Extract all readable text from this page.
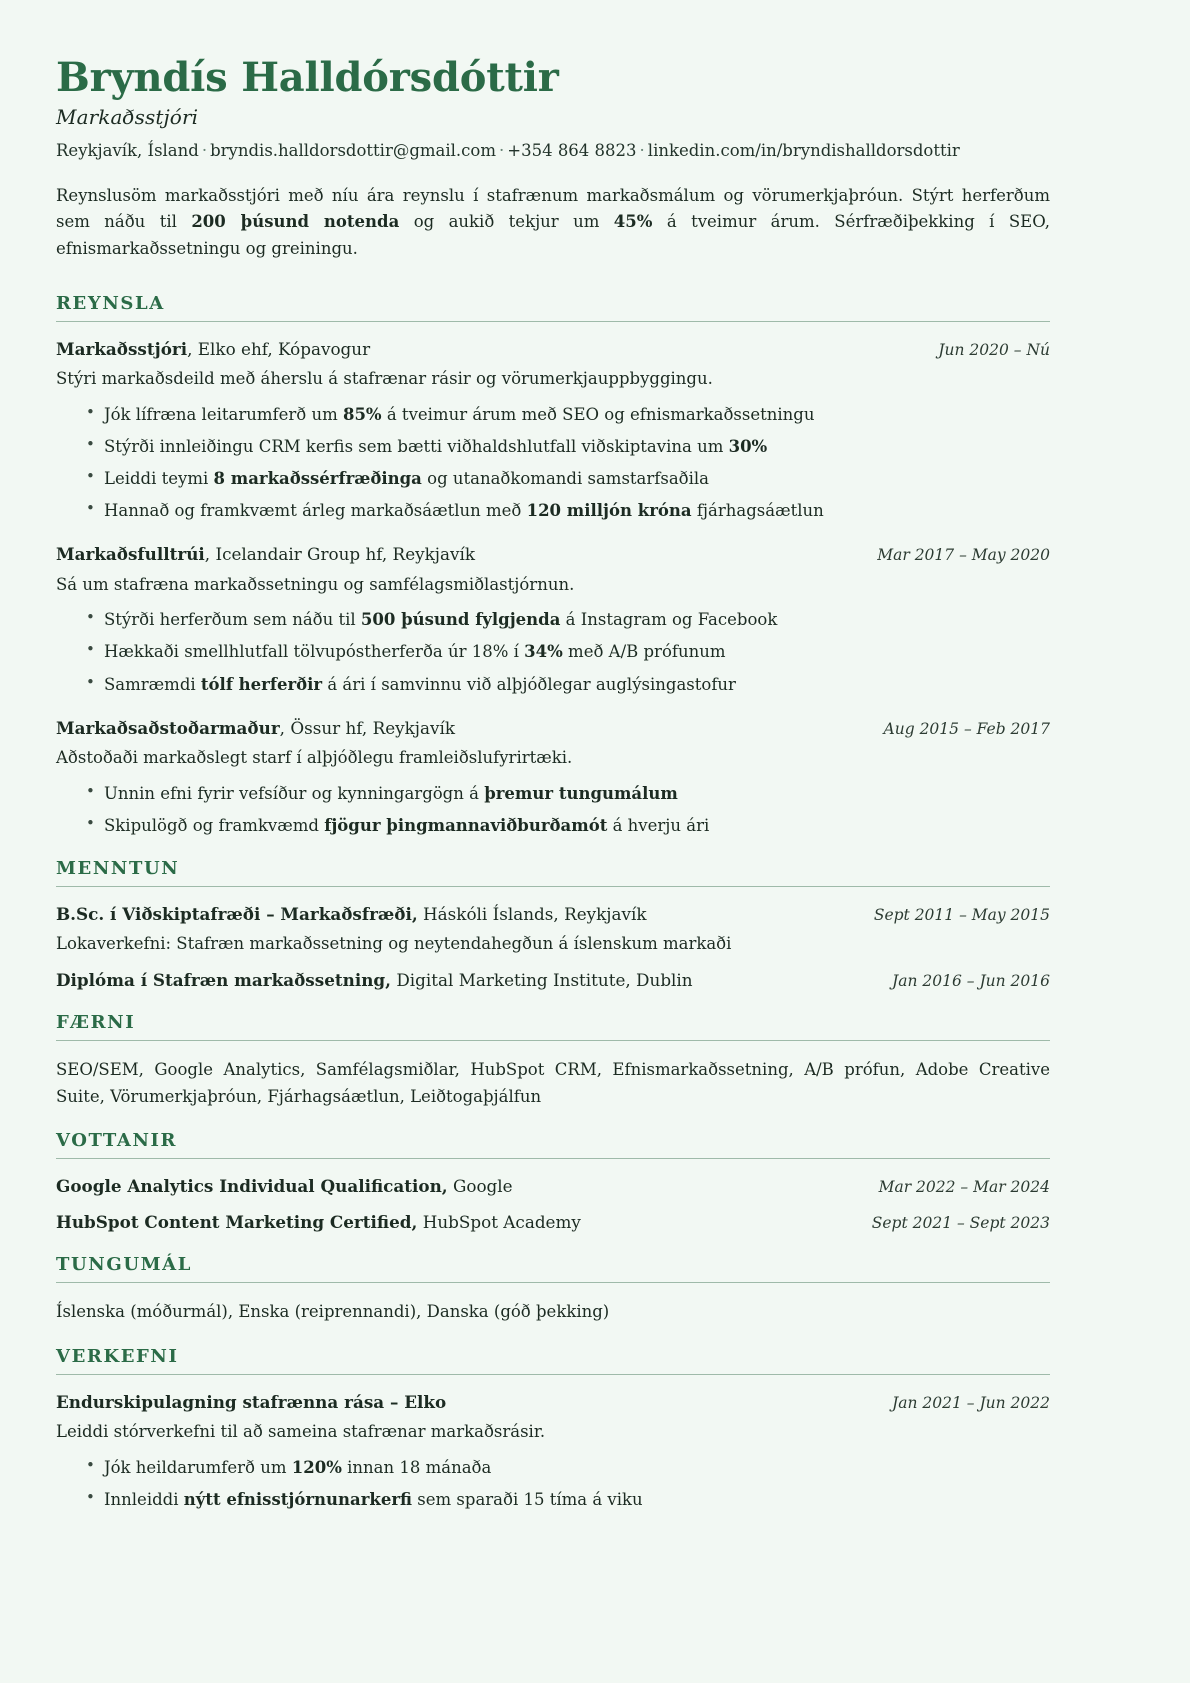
Bryndís Halldórsdóttir
Markaðsstjóri
Reykjavík, Ísland · bryndis.halldorsdottir@gmail.com · +354 864 8823 · linkedin.com/in/bryndishalldorsdottir

Reynslusöm markaðsstjóri með níu ára reynslu í stafrænum markaðsmálum og vörumerkjaþróun. Stýrt herferðum sem náðu til 200 þúsund notenda og aukið tekjur um 45% á tveimur árum. Sérfræðiþekking í SEO, efnismarkaðssetningu og greiningu.

REYNSLA
Markaðsstjóri, Elko ehf, Kópavogur	Jun 2020 – Nú
Stýri markaðsdeild með áherslu á stafrænar rásir og vörumerkjauppbyggingu.
• Jók lífræna leitarumferð um 85% á tveimur árum með SEO og efnismarkaðssetningu
• Stýrði innleiðingu CRM kerfis sem bætti viðhaldshlutfall viðskiptavina um 30%
• Leiddi teymi 8 markaðssérfræðinga og utanaðkomandi samstarfsaðila
• Hannað og framkvæmt árleg markaðsáætlun með 120 milljón króna fjárhagsáætlun
Markaðsfulltrúi, Icelandair Group hf, Reykjavík	Mar 2017 – May 2020
Sá um stafræna markaðssetningu og samfélagsmiðlastjórnun.
• Stýrði herferðum sem náðu til 500 þúsund fylgjenda á Instagram og Facebook
• Hækkaði smellhlutfall tölvupóstherferða úr 18% í 34% með A/B prófunum
• Samræmdi tólf herferðir á ári í samvinnu við alþjóðlegar auglýsingastofur
Markaðsaðstoðarmaður, Össur hf, Reykjavík	Aug 2015 – Feb 2017
Aðstoðaði markaðslegt starf í alþjóðlegu framleiðslufyrirtæki.
• Unnin efni fyrir vefsíður og kynningargögn á þremur tungumálum
• Skipulögð og framkvæmd fjögur þingmannaviðburðamót á hverju ári
MENNTUN
B.Sc. í Viðskiptafræði – Markaðsfræði, Háskóli Íslands, Reykjavík	Sept 2011 – May 2015
Lokaverkefni: Stafræn markaðssetning og neytendahegðun á íslenskum markaði
Diplóma í Stafræn markaðssetning, Digital Marketing Institute, Dublin	Jan 2016 – Jun 2016
FÆRNI

SEO/SEM, Google Analytics, Samfélagsmiðlar, HubSpot CRM, Efnismarkaðssetning, A/B prófun, Adobe Creative Suite, Vörumerkjaþróun, Fjárhagsáætlun, Leiðtogaþjálfun

VOTTANIR
Google Analytics Individual Qualification, Google	Mar 2022 – Mar 2024
HubSpot Content Marketing Certified, HubSpot Academy	Sept 2021 – Sept 2023
TUNGUMÁL

Íslenska (móðurmál), Enska (reiprennandi), Danska (góð þekking)

VERKEFNI
Endurskipulagning stafrænna rása – Elko	Jan 2021 – Jun 2022
Leiddi stórverkefni til að sameina stafrænar markaðsrásir.
• Jók heildarumferð um 120% innan 18 mánaða
• Innleiddi nýtt efnisstjórnunarkerfi sem sparaði 15 tíma á viku
